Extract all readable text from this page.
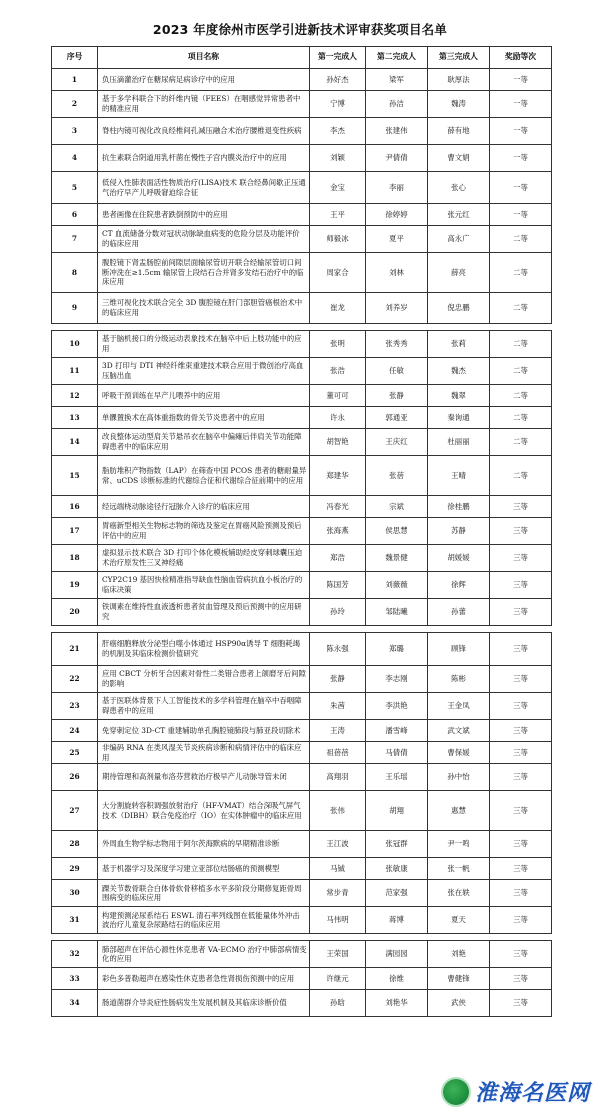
2023 年度徐州市医学引进新技术评审获奖项目名单
序号	项目名称	第一完成人	第二完成人	第三完成人	奖励等次
1	负压滴灌治疗在糖尿病足病诊疗中的应用	孙好杰	梁军	耿厚法	一等
2	基于多学科联合下的纤维内镜（FEES）在咽感觉异常患者中的精准应用	宁博	孙洁	魏涛	一等
3	脊柱内镜可视化改良经椎间孔减压融合术治疗腰椎退变性疾病	李杰	张建伟	薛有地	一等
4	抗生素联合阴道用乳杆菌在慢性子宫内膜炎治疗中的应用	刘颖	尹倩倩	曹文娟	一等
5	低侵入性肺表面活性物质治疗(LISA)技术 联合经鼻间歇正压通气治疗早产儿呼吸窘迫综合征	金宝	李丽	张心	一等
6	患者画像在住院患者跌倒预防中的应用	王平	徐婷婷	张元红	一等
7	CT 血流储备分数对冠状动脉缺血病变的危险分层及功能评价的临床应用	师毅冰	夏平	高永广	二等
8	腹腔镜下肾盂肠腔前间隙层面输尿管切开联合经输尿管切口间断冲洗在≥1.5cm 输尿管上段结石合并肾多发结石治疗中的临床应用	周家合	刘林	薛亮	二等
9	三维可视化技术联合完全 3D 腹腔镜在肝门部胆管癌根治术中的临床应用	崔龙	刘养岁	倪忠鹏	二等

10	基于脑机接口的分级运动表象技术在脑卒中后上肢功能中的应用	张明	张秀秀	张莉	二等
11	3D 打印与 DTI 神经纤维束重建技术联合应用于微创治疗高血压脑出血	张浩	任敏	魏杰	二等
12	呼吸干预训练在早产儿喂养中的应用	董可可	张静	魏翠	二等
13	单髁置换术在高体重指数的骨关节炎患者中的应用	许永	郭通亚	秦询通	二等
14	改良整体运动型肩关节悬吊衣在脑卒中偏瘫后伴肩关节功能障碍患者中的临床应用	胡智艳	王庆红	杜丽丽	二等
15	脂肪堆积产物指数（LAP）在筛查中国 PCOS 患者的糖耐量异常、uCDS 诊断标准的代谢综合征和代谢综合征前期中的应用	郑建华	张蓓	王晴	二等
16	经远端桡动脉途径行冠脉介入诊疗的临床应用	冯春光	宗斌	徐桂鹏	三等
17	胃癌新型相关生物标志物的筛选及鉴定在胃癌风险预测及预后评估中的应用	张海燕	侯思慧	苏静	三等
18	虚拟显示技术联合 3D 打印个体化模板辅助经皮穿刺球囊压迫术治疗原发性三叉神经痛	郑浩	魏景健	胡媛媛	三等
19	CYP2C19 基因快检精准指导缺血性脑血管病抗血小板治疗的临床决策	陈国芳	刘薇薇	徐辉	三等
20	铁调素在维持性血液透析患者贫血管理及预后预测中的应用研究	孙玲	邹陆曦	孙蕾	三等

21	肝癌细胞释放分泌型白噬小体通过 HSP90α诱导 T 细胞耗竭的机制及其临床检测价值研究	陈永强	郑璐	顾锋	三等
22	应用 CBCT 分析牙合因素对骨性二类错合患者上颌磨牙后间隙的影响	张静	李志刚	陈彬	三等
23	基于医联体背景下人工智能技术的多学科管理在脑卒中吞咽障碍患者中的应用	朱茜	李洪艳	王金凤	三等
24	免穿刺定位 3D-CT 重建辅助单孔胸腔镜肺段与肺亚段切除术	王涛	潘雪峰	武文斌	三等
25	非编码 RNA 在类风湿关节炎疾病诊断和病情评估中的临床应用	祖蓓蓓	马倩倩	曹保媛	三等
26	期待管理和高剂量布洛芬营救治疗极早产儿动脉导管未闭	高翔羽	王乐瑶	孙中怡	三等
27	大分割旋转容积调强放射治疗（HF-VMAT）结合深吸气屏气技术（DIBH）联合免疫治疗（IO）在实体肿瘤中的临床应用	张伟	胡翔	惠慧	三等
28	外周血生物学标志物用于阿尔茨海默病的早期精准诊断	王江波	张冠群	尹一鸣	三等
29	基于机器学习及深度学习建立亚部位结肠癌的预测模型	马铖	张敏康	张一帆	三等
30	踝关节数骨联合白体骨软骨移植多水平多阶段分期修复距骨周围病变的临床应用	常步青	范家强	张在轶	三等
31	构建预测泌尿系结石 ESWL 清石率列线图在低能量体外冲击波治疗儿童复杂尿路结石的临床应用	马伟明	蒋博	夏天	三等

32	肺部超声在评估心源性休克患者 VA-ECMO 治疗中肺部病情变化的应用	王荣国	满园园	刘艳	三等
33	彩色多普勒超声在感染性休克患者急性肾损伤预测中的应用	许继元	徐维	曹健锋	三等
34	肠道菌群介导炎症性肠病发生发展机制及其临床诊断价值	孙晗	刘艳华	武侠	三等
淮海名医网
